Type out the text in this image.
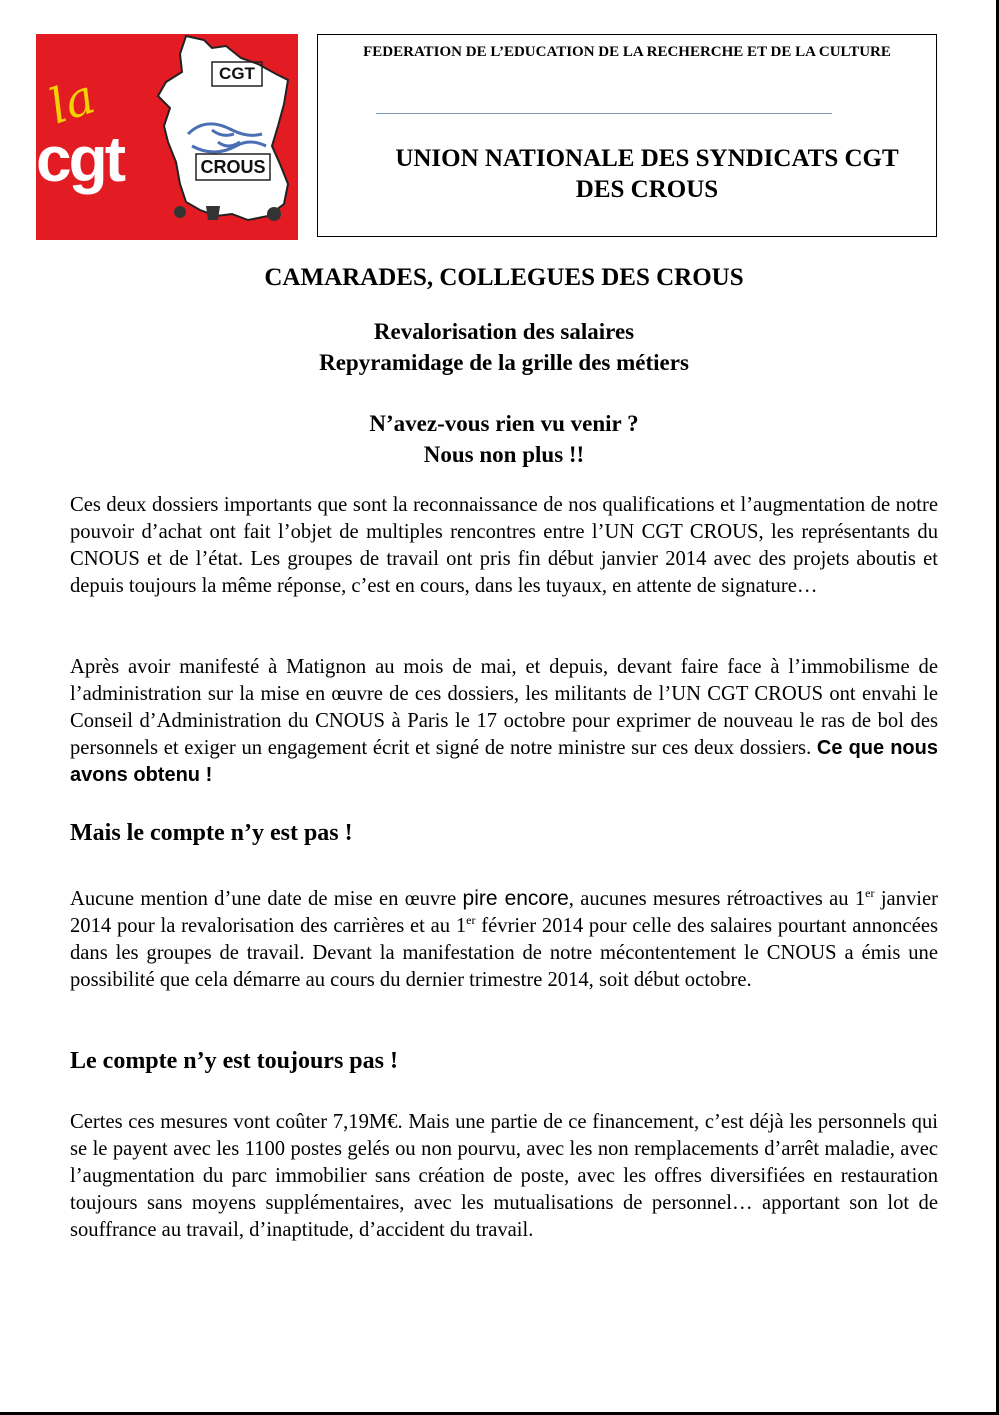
la
cgt
CGT
CROUS
FEDERATION DE L’EDUCATION DE LA RECHERCHE ET DE LA CULTURE
UNION NATIONALE DES SYNDICATS CGT
DES CROUS
CAMARADES, COLLEGUES DES CROUS
Revalorisation des salaires
Repyramidage de la grille des métiers
N’avez-vous rien vu venir ?
Nous non plus !!

Ces deux dossiers importants que sont la reconnaissance de nos qualifications et l’augmentation de notre pouvoir d’achat ont fait l’objet de multiples rencontres entre l’UN CGT CROUS, les représentants du CNOUS et de l’état. Les groupes de travail ont pris fin début janvier 2014 avec des projets aboutis et depuis toujours la même réponse, c’est en cours, dans les tuyaux, en attente de signature…

Après avoir manifesté à Matignon au mois de mai, et depuis, devant faire face à l’immobilisme de l’administration sur la mise en œuvre de ces dossiers, les militants de l’UN CGT CROUS ont envahi le Conseil d’Administration du CNOUS à Paris le 17 octobre pour exprimer de nouveau le ras de bol des personnels et exiger un engagement écrit et signé de notre ministre sur ces deux dossiers. Ce que nous avons obtenu !

Mais le compte n’y est pas !

Aucune mention d’une date de mise en œuvre pire encore, aucunes mesures rétroactives au 1er janvier 2014 pour la revalorisation des carrières et au 1er février 2014 pour celle des salaires pourtant annoncées dans les groupes de travail. Devant la manifestation de notre mécontentement le CNOUS a émis une possibilité que cela démarre au cours du dernier trimestre 2014, soit début octobre.

Le compte n’y est toujours pas !

Certes ces mesures vont coûter 7,19M€. Mais une partie de ce financement, c’est déjà les personnels qui se le payent avec les 1100 postes gelés ou non pourvu, avec les non remplacements d’arrêt maladie, avec l’augmentation du parc immobilier sans création de poste, avec les offres diversifiées en restauration toujours sans moyens supplémentaires, avec les mutualisations de personnel… apportant son lot de souffrance au travail, d’inaptitude, d’accident du travail.
